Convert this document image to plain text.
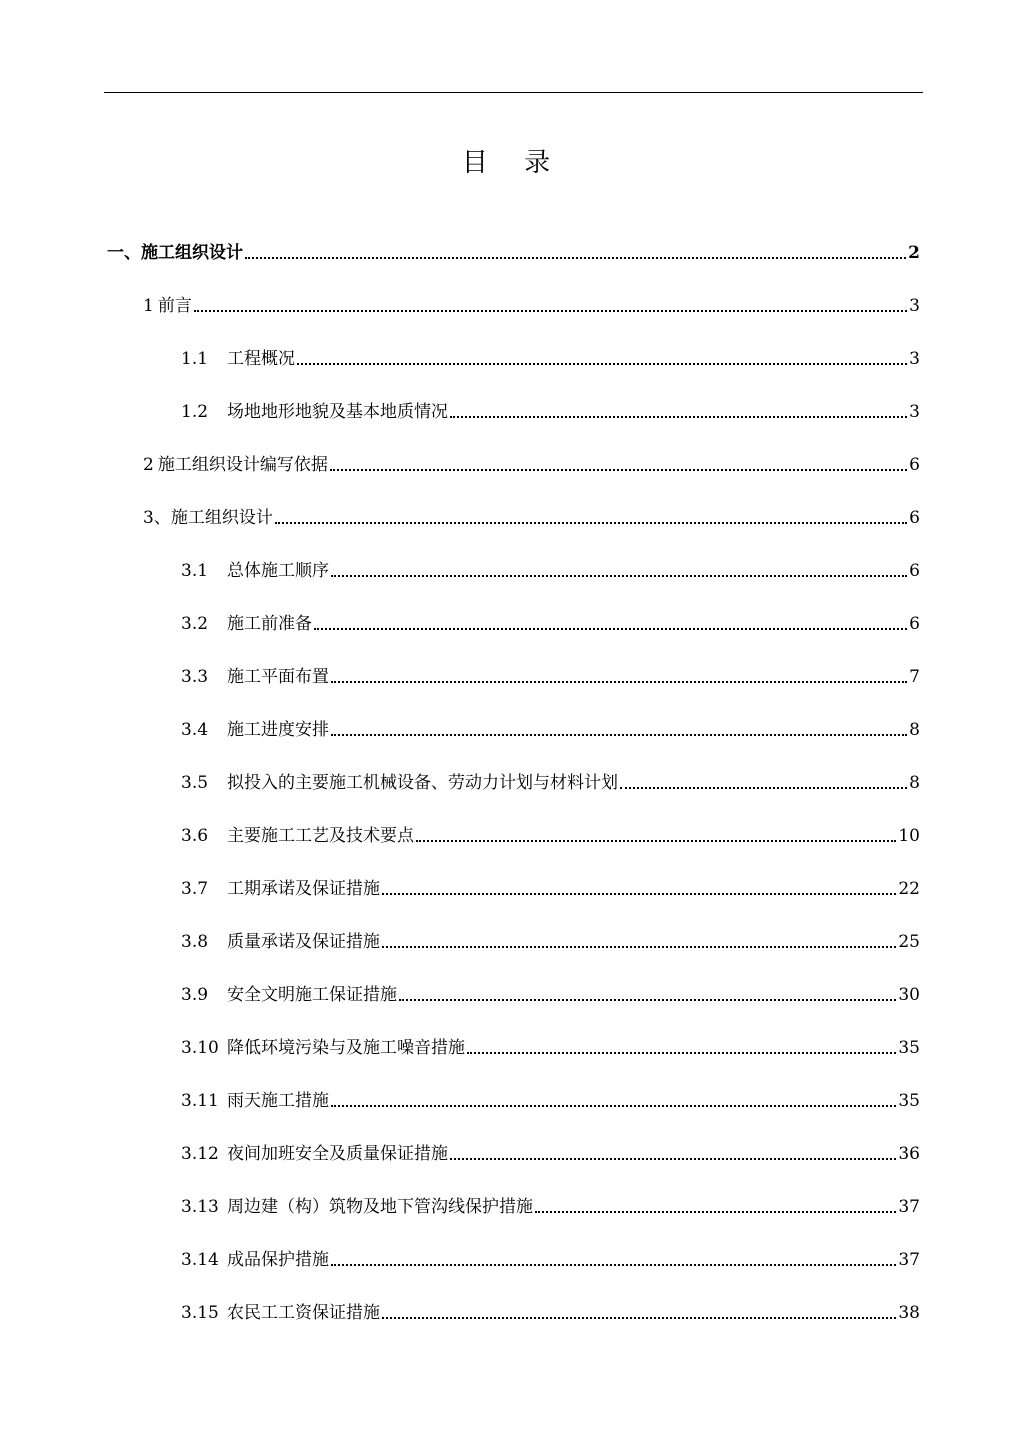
目 录
一、施工组织设计	2
1 前言	3
1.1	工程概况	3
1.2	场地地形地貌及基本地质情况	3
2 施工组织设计编写依据	6
3、施工组织设计	6
3.1	总体施工顺序	6
3.2	施工前准备	6
3.3	施工平面布置	7
3.4	施工进度安排	8
3.5	拟投入的主要施工机械设备、劳动力计划与材料计划	8
3.6	主要施工工艺及技术要点	10
3.7	工期承诺及保证措施	22
3.8	质量承诺及保证措施	25
3.9	安全文明施工保证措施	30
3.10 降低环境污染与及施工噪音措施	35
3.11 雨天施工措施	35
3.12 夜间加班安全及质量保证措施	36
3.13 周边建（构）筑物及地下管沟线保护措施	37
3.14 成品保护措施	37
3.15 农民工工资保证措施	38
